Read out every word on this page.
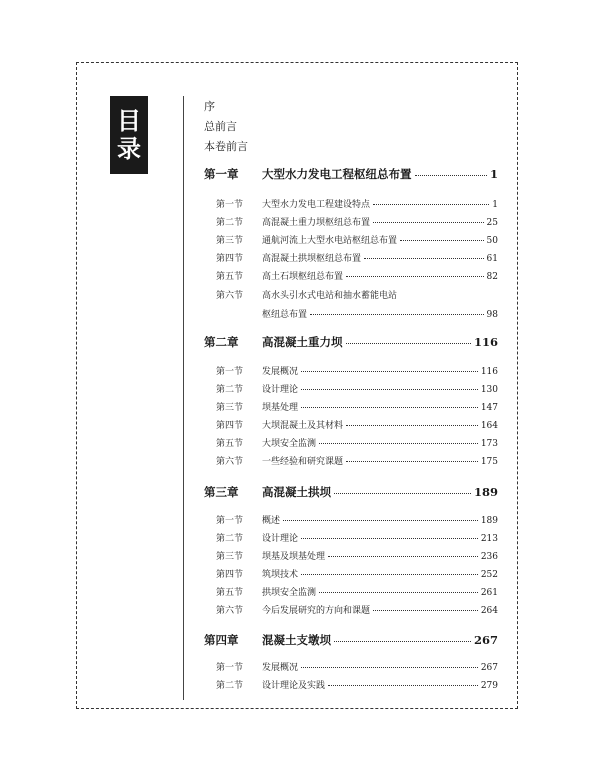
目
录
序
总前言
本卷前言
第一章	大型水力发电工程枢纽总布置	1
第一节	大型水力发电工程建设特点	1
第二节	高混凝土重力坝枢纽总布置	25
第三节	通航河流上大型水电站枢纽总布置	50
第四节	高混凝土拱坝枢纽总布置	61
第五节	高土石坝枢纽总布置	82
第六节	高水头引水式电站和抽水蓄能电站
枢纽总布置	98
第二章	高混凝土重力坝	116
第一节	发展概况	116
第二节	设计理论	130
第三节	坝基处理	147
第四节	大坝混凝土及其材料	164
第五节	大坝安全监测	173
第六节	一些经验和研究课题	175
第三章	高混凝土拱坝	189
第一节	概述	189
第二节	设计理论	213
第三节	坝基及坝基处理	236
第四节	筑坝技术	252
第五节	拱坝安全监测	261
第六节	今后发展研究的方向和课题	264
第四章	混凝土支墩坝	267
第一节	发展概况	267
第二节	设计理论及实践	279
